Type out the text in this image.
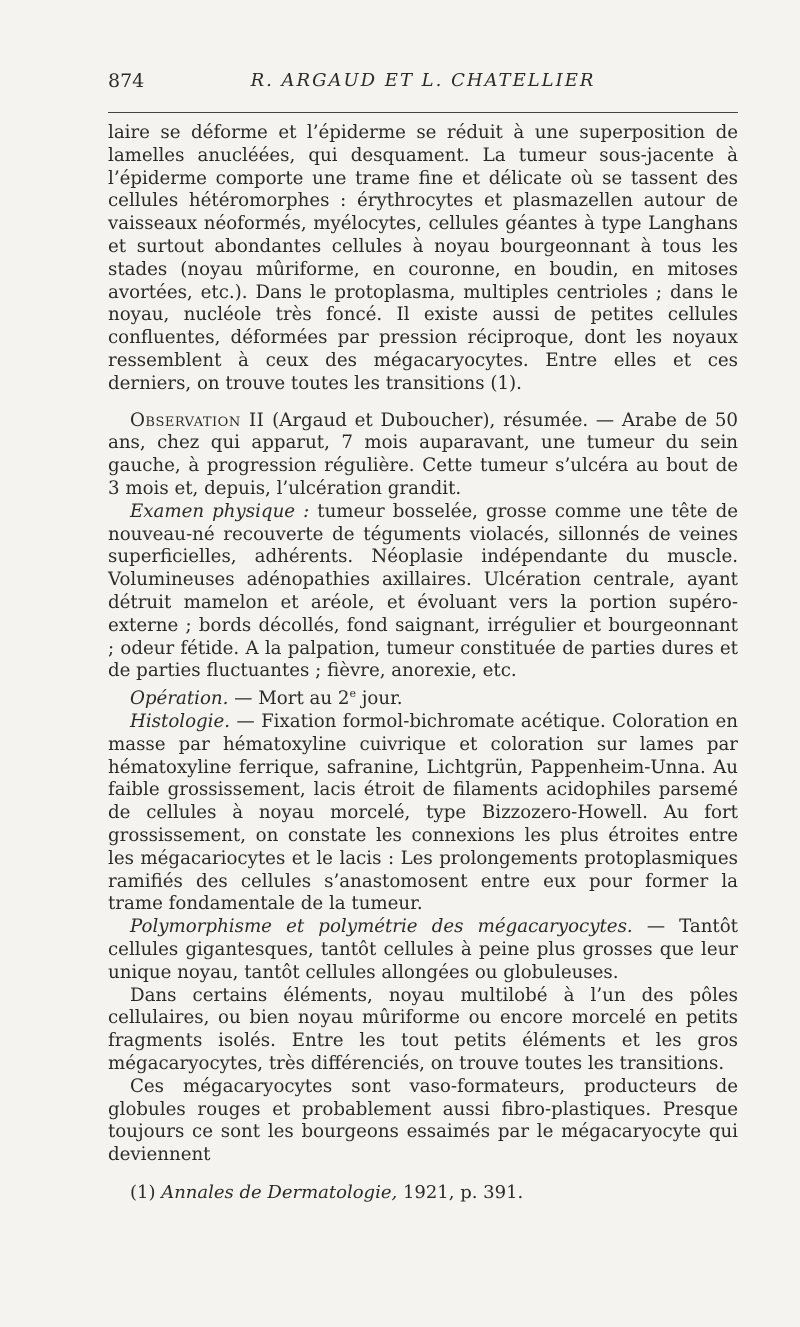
874	R. ARGAUD ET L. CHATELLIER

laire se déforme et l’épiderme se réduit à une superposition de lamelles anucléées, qui desquament. La tumeur sous-jacente à l’épiderme comporte une trame fine et délicate où se tassent des cellules hétéromorphes : érythrocytes et plasmazellen autour de vaisseaux néoformés, myélocytes, cellules géantes à type Langhans et surtout abondantes cellules à noyau bourgeonnant à tous les stades (noyau mûriforme, en couronne, en boudin, en mitoses avortées, etc.). Dans le protoplasma, multiples centrioles ; dans le noyau, nucléole très foncé. Il existe aussi de petites cellules confluentes, déformées par pression réciproque, dont les noyaux ressemblent à ceux des mégacaryocytes. Entre elles et ces derniers, on trouve toutes les transitions (1).

Observation II (Argaud et Duboucher), résumée. — Arabe de 50 ans, chez qui apparut, 7 mois auparavant, une tumeur du sein gauche, à progression régulière. Cette tumeur s’ulcéra au bout de 3 mois et, depuis, l’ulcération grandit.

Examen physique : tumeur bosselée, grosse comme une tête de nouveau-né recouverte de téguments violacés, sillonnés de veines superficielles, adhérents. Néoplasie indépendante du muscle. Volumineuses adénopathies axillaires. Ulcération centrale, ayant détruit mamelon et aréole, et évoluant vers la portion supéro-externe ; bords décollés, fond saignant, irrégulier et bourgeonnant ; odeur fétide. A la palpation, tumeur constituée de parties dures et de parties fluctuantes ; fièvre, anorexie, etc.

Opération. — Mort au 2e jour.

Histologie. — Fixation formol-bichromate acétique. Coloration en masse par hématoxyline cuivrique et coloration sur lames par hématoxyline ferrique, safranine, Lichtgrün, Pappenheim-Unna. Au faible grossissement, lacis étroit de filaments acidophiles parsemé de cellules à noyau morcelé, type Bizzozero-Howell. Au fort grossissement, on constate les connexions les plus étroites entre les mégacariocytes et le lacis : Les prolongements protoplasmiques ramifiés des cellules s’anastomosent entre eux pour former la trame fondamentale de la tumeur.

Polymorphisme et polymétrie des mégacaryocytes. — Tantôt cellules gigantesques, tantôt cellules à peine plus grosses que leur unique noyau, tantôt cellules allongées ou globuleuses.

Dans certains éléments, noyau multilobé à l’un des pôles cellulaires, ou bien noyau mûriforme ou encore morcelé en petits fragments isolés. Entre les tout petits éléments et les gros mégacaryocytes, très différenciés, on trouve toutes les transitions.

Ces mégacaryocytes sont vaso-formateurs, producteurs de globules rouges et probablement aussi fibro-plastiques. Presque toujours ce sont les bourgeons essaimés par le mégacaryocyte qui deviennent

(1) Annales de Dermatologie, 1921, p. 391.
